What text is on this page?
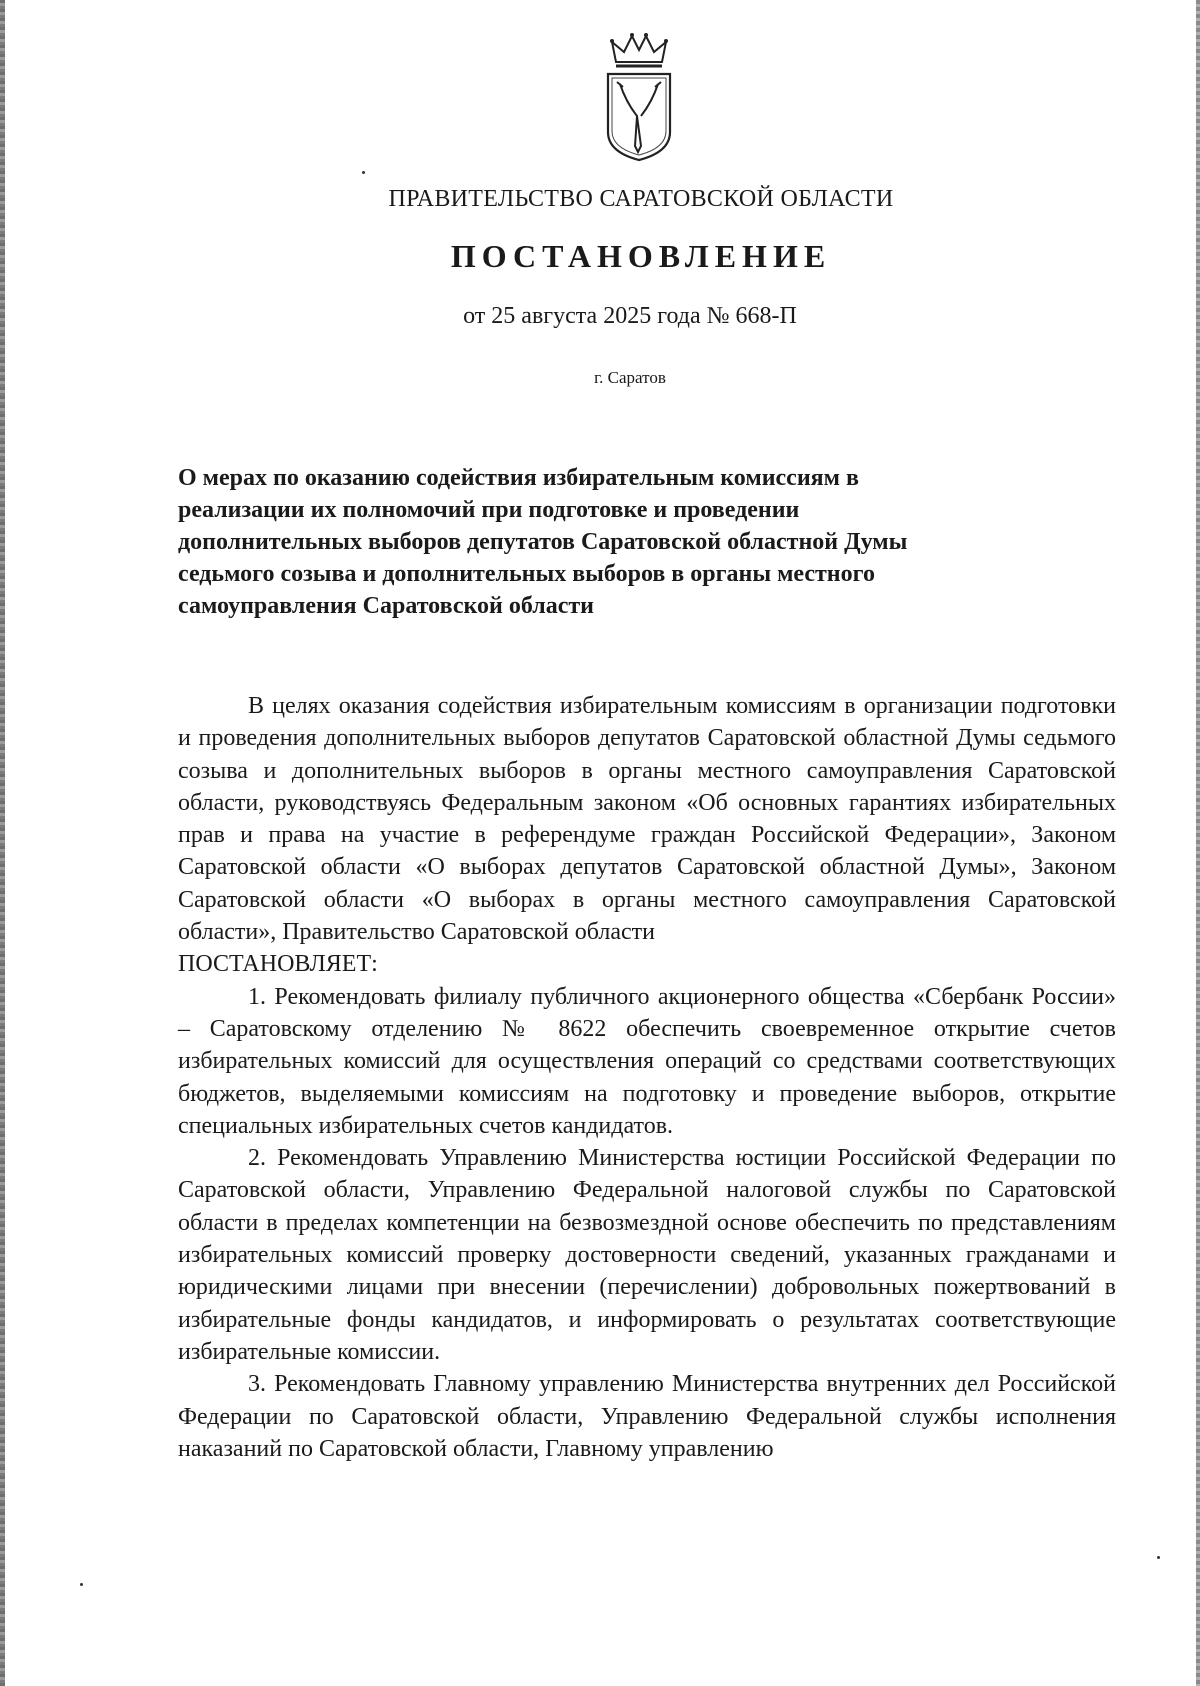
ПРАВИТЕЛЬСТВО САРАТОВСКОЙ ОБЛАСТИ
ПОСТАНОВЛЕНИЕ
от 25 августа 2025 года № 668-П
г. Саратов
О мерах по оказанию содействия избирательным комиссиям в реализации их полномочий при подготовке и проведении дополнительных выборов депутатов Саратовской областной Думы седьмого созыва и дополнительных выборов в органы местного самоуправления Саратовской области

В целях оказания содействия избирательным комиссиям в организации подготовки и проведения дополнительных выборов депутатов Саратовской областной Думы седьмого созыва и дополнительных выборов в органы местного самоуправления Саратовской области, руководствуясь Федеральным законом «Об основных гарантиях избирательных прав и права на участие в референдуме граждан Российской Федерации», Законом Саратовской области «О выборах депутатов Саратовской областной Думы», Законом Саратовской области «О выборах в органы местного самоуправления Саратовской области», Правительство Саратовской области

ПОСТАНОВЛЯЕТ:

1. Рекомендовать филиалу публичного акционерного общества «Сбербанк России» – Саратовскому отделению № 8622 обеспечить своевременное открытие счетов избирательных комиссий для осуществления операций со средствами соответствующих бюджетов, выделяемыми комиссиям на подготовку и проведение выборов, открытие специальных избирательных счетов кандидатов.

2. Рекомендовать Управлению Министерства юстиции Российской Федерации по Саратовской области, Управлению Федеральной налоговой службы по Саратовской области в пределах компетенции на безвозмездной основе обеспечить по представлениям избирательных комиссий проверку достоверности сведений, указанных гражданами и юридическими лицами при внесении (перечислении) добровольных пожертвований в избирательные фонды кандидатов, и информировать о результатах соответствующие избирательные комиссии.

3. Рекомендовать Главному управлению Министерства внутренних дел Российской Федерации по Саратовской области, Управлению Федеральной службы исполнения наказаний по Саратовской области, Главному управлению
